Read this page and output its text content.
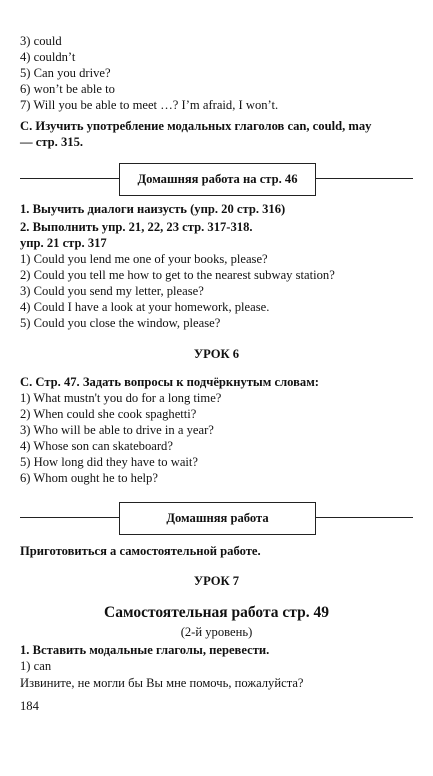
3) could
4) couldn’t
5) Can you drive?
6) won’t be able to
7) Will you be able to meet …? I’m afraid, I won’t.
С. Изучить употребление модальных глаголов can, could, may
— стр. 315.
Домашняя работа на стр. 46
1. Выучить диалоги наизусть (упр. 20 стр. 316)
2. Выполнить упр. 21, 22, 23 стр. 317-318.
упр. 21 стр. 317
1) Could you lend me one of your books, please?
2) Could you tell me how to get to the nearest subway station?
3) Could you send my letter, please?
4) Could I have a look at your homework, please.
5) Could you close the window, please?
УРОК 6
С. Стр. 47. Задать вопросы к подчёркнутым словам:
1) What mustn't you do for a long time?
2) When could she cook spaghetti?
3) Who will be able to drive in a year?
4) Whose son can skateboard?
5) How long did they have to wait?
6) Whom ought he to help?
Домашняя работа
Приготовиться а самостоятельной работе.
УРОК 7
Самостоятельная работа стр. 49
(2-й уровень)
1. Вставить модальные глаголы, перевести.
1) can
Извините, не могли бы Вы мне помочь, пожалуйста?
184
